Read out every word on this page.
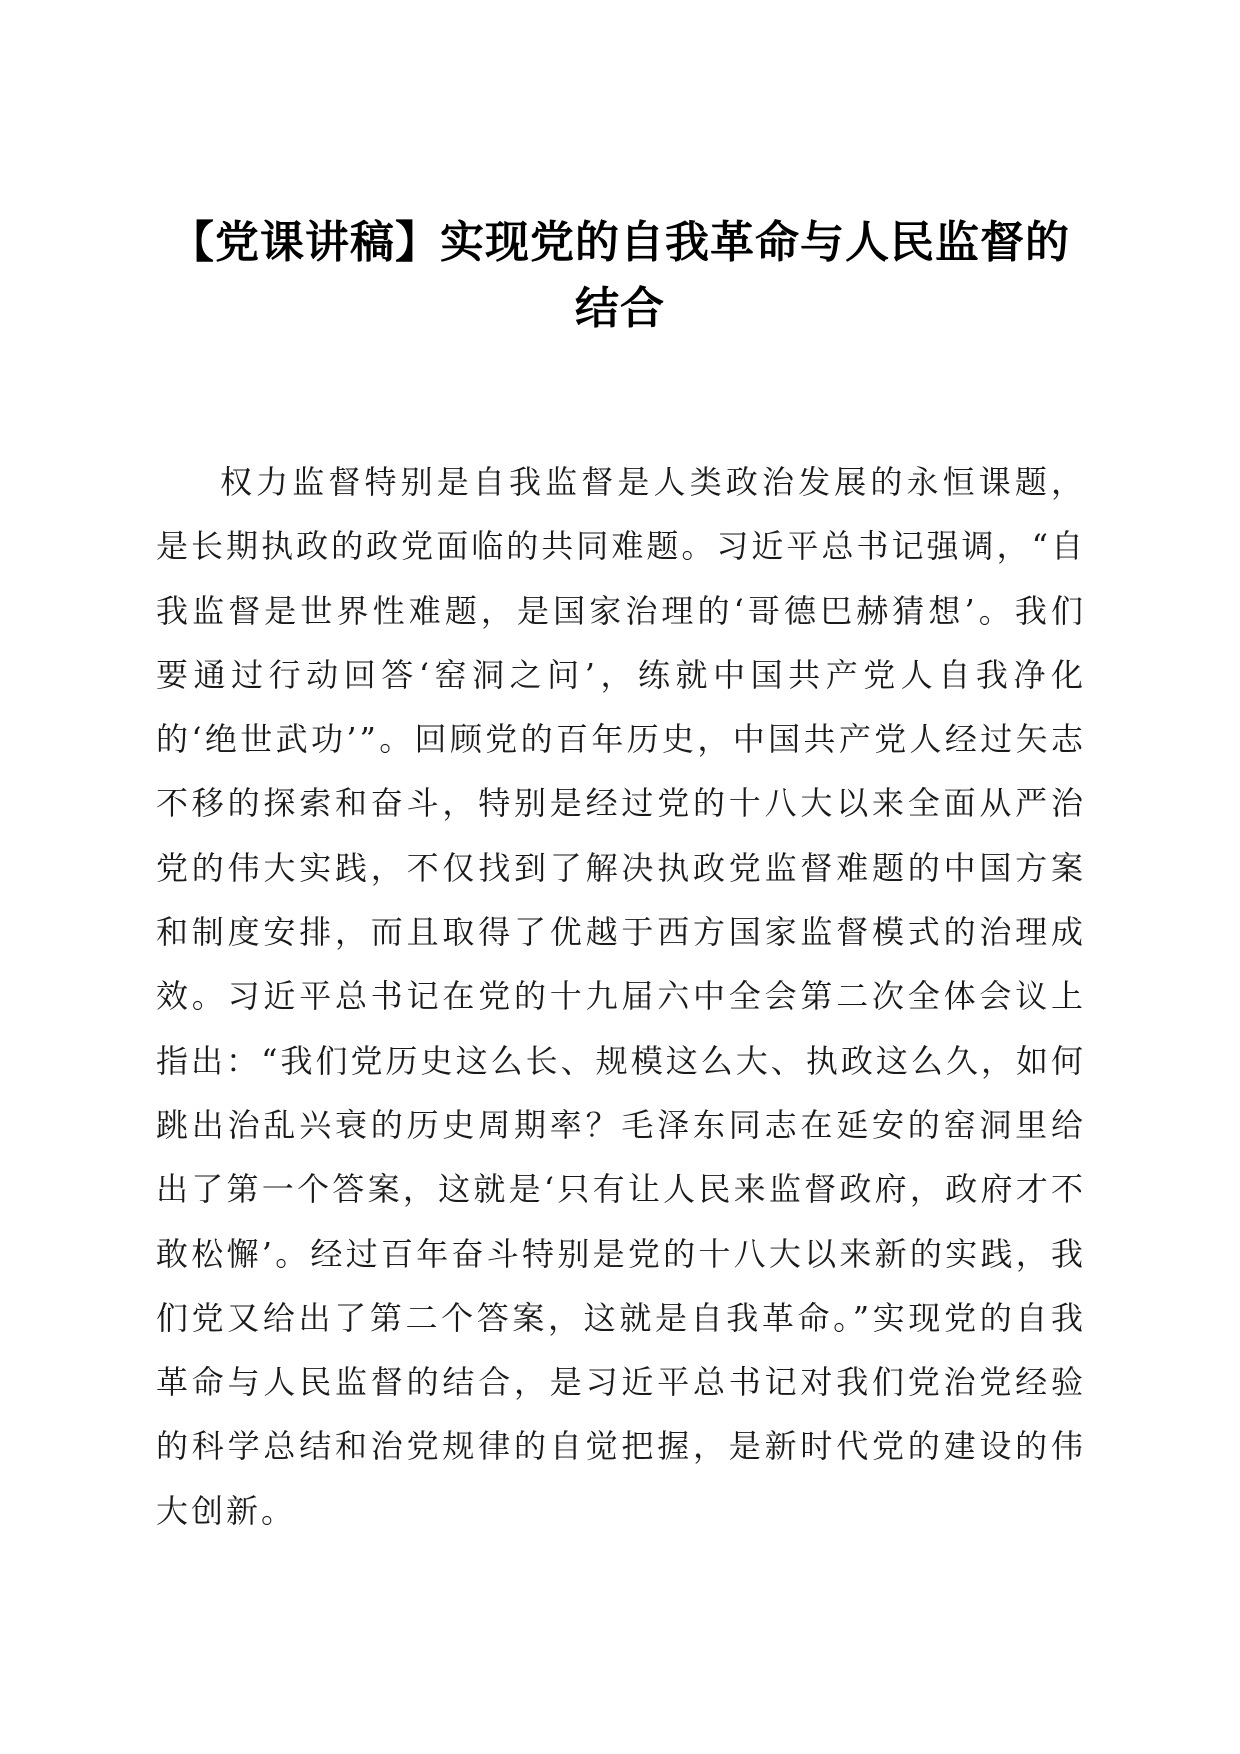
【党课讲稿】实现党的自我革命与人民监督的
结合

权力监督特别是自我监督是人类政治发展的永恒课题，是长期执政的政党面临的共同难题。习近平总书记强调，“自我监督是世界性难题，是国家治理的‘哥德巴赫猜想’。我们要通过行动回答‘窑洞之问’，练就中国共产党人自我净化的‘绝世武功’”。回顾党的百年历史，中国共产党人经过矢志不移的探索和奋斗，特别是经过党的十八大以来全面从严治党的伟大实践，不仅找到了解决执政党监督难题的中国方案和制度安排，而且取得了优越于西方国家监督模式的治理成效。习近平总书记在党的十九届六中全会第二次全体会议上指出：“我们党历史这么长、规模这么大、执政这么久，如何跳出治乱兴衰的历史周期率？毛泽东同志在延安的窑洞里给出了第一个答案，这就是‘只有让人民来监督政府，政府才不敢松懈’。经过百年奋斗特别是党的十八大以来新的实践，我们党又给出了第二个答案，这就是自我革命。”实现党的自我革命与人民监督的结合，是习近平总书记对我们党治党经验的科学总结和治党规律的自觉把握，是新时代党的建设的伟大创新。
